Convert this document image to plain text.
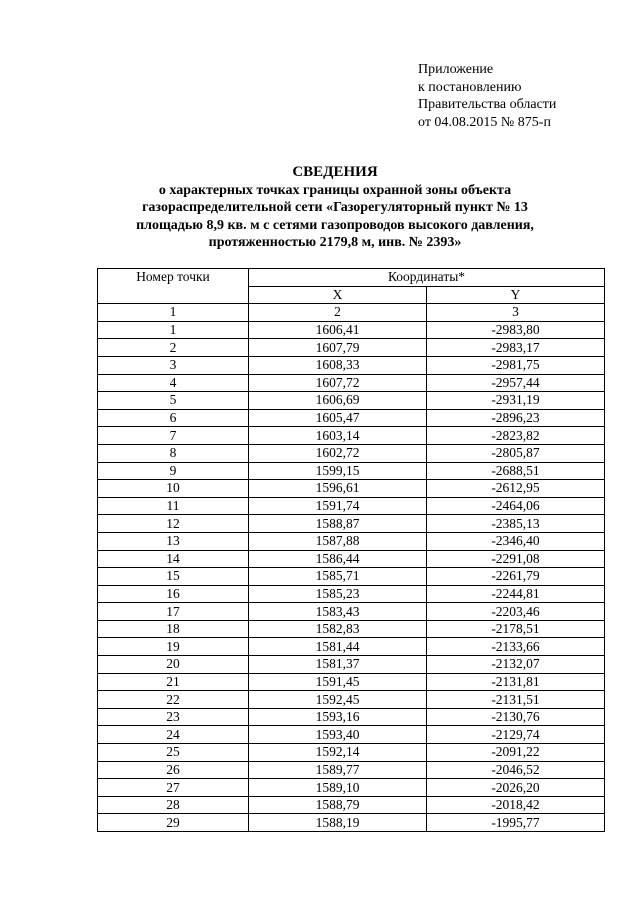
Приложение
к постановлению
Правительства области
от 04.08.2015 № 875-п
СВЕДЕНИЯ
о характерных точках границы охранной зоны объекта
газораспределительной сети «Газорегуляторный пункт № 13
площадью 8,9 кв. м с сетями газопроводов высокого давления,
протяженностью 2179,8 м, инв. № 2393»
Номер точки	Координаты*	
	X	Y
1	2	3
1	1606,41	-2983,80
2	1607,79	-2983,17
3	1608,33	-2981,75
4	1607,72	-2957,44
5	1606,69	-2931,19
6	1605,47	-2896,23
7	1603,14	-2823,82
8	1602,72	-2805,87
9	1599,15	-2688,51
10	1596,61	-2612,95
11	1591,74	-2464,06
12	1588,87	-2385,13
13	1587,88	-2346,40
14	1586,44	-2291,08
15	1585,71	-2261,79
16	1585,23	-2244,81
17	1583,43	-2203,46
18	1582,83	-2178,51
19	1581,44	-2133,66
20	1581,37	-2132,07
21	1591,45	-2131,81
22	1592,45	-2131,51
23	1593,16	-2130,76
24	1593,40	-2129,74
25	1592,14	-2091,22
26	1589,77	-2046,52
27	1589,10	-2026,20
28	1588,79	-2018,42
29	1588,19	-1995,77
